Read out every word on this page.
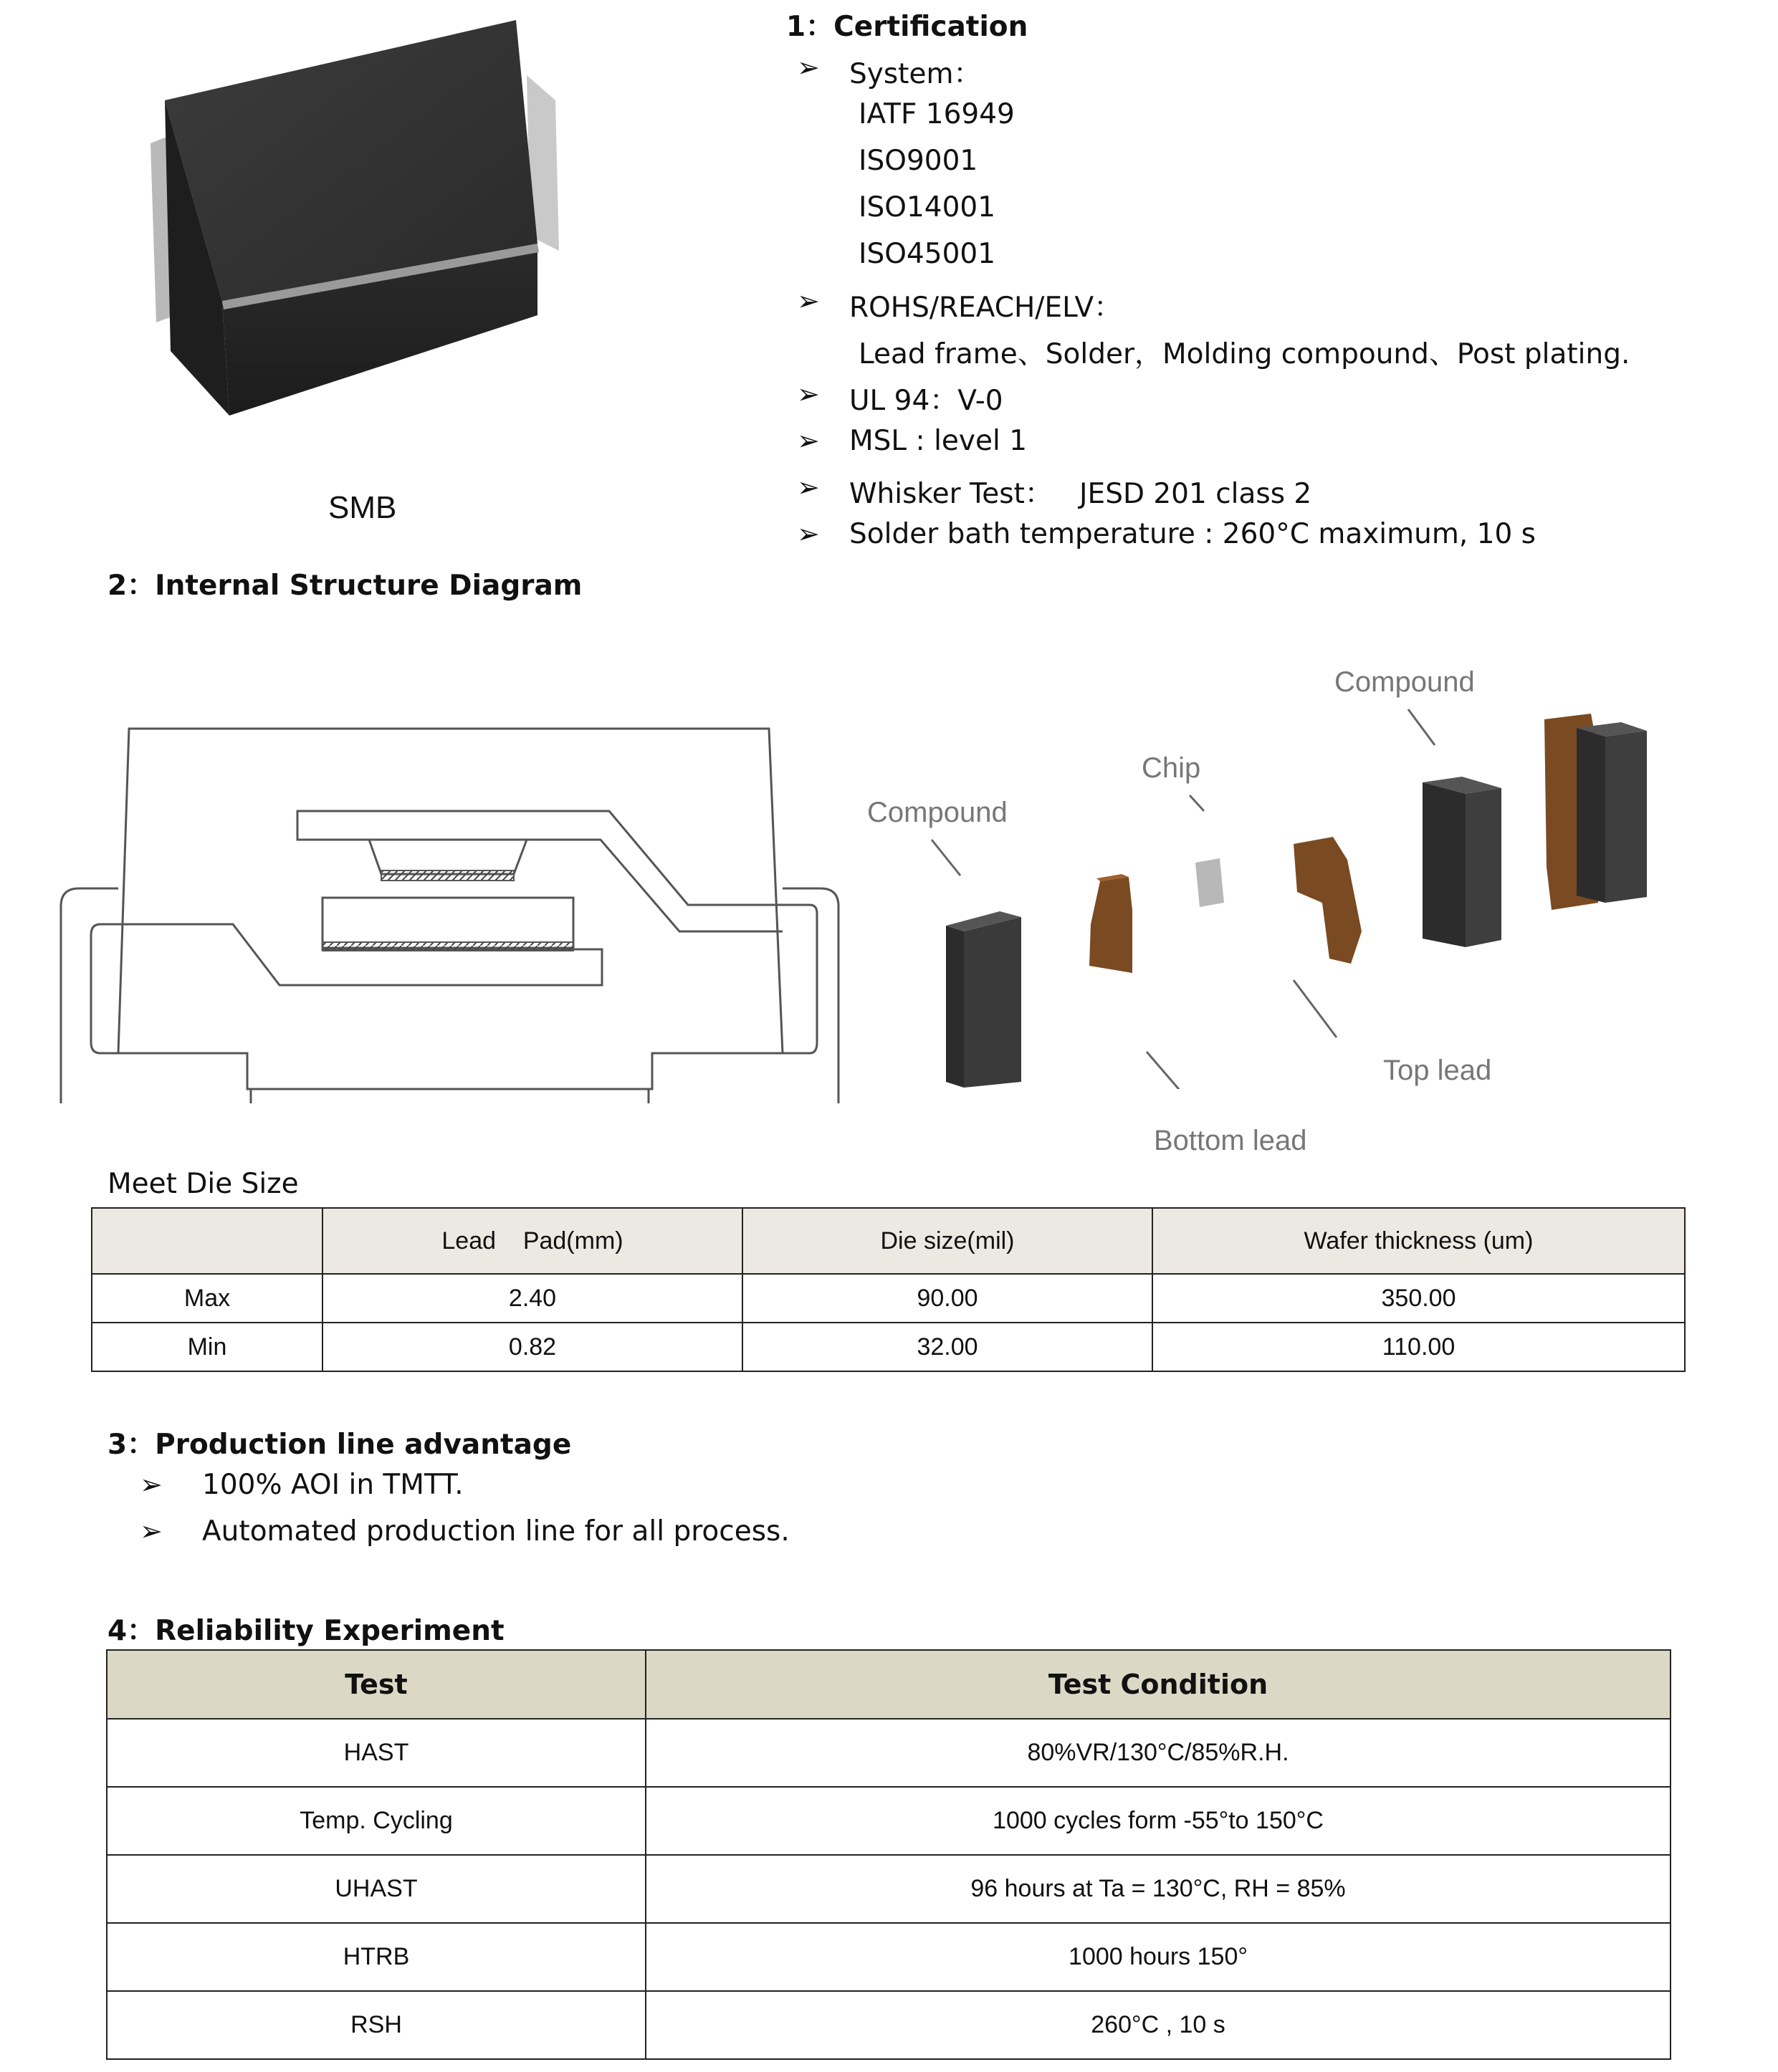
SMB
1：Certification
➢ System：
IATF 16949
ISO9001
ISO14001
ISO45001
➢ ROHS/REACH/ELV：
Lead frame、Solder，Molding compound、Post plating.
➢ UL 94：V-0
➢ MSL : level 1
➢ Whisker Test：   JESD 201 class 2
➢ Solder bath temperature : 260°C maximum, 10 s
2：Internal Structure Diagram
Compound
Chip
Compound
Top lead
Bottom lead
Meet Die Size
	Lead    Pad(mm)	Die size(mil)	Wafer thickness (um)
Max	2.40	90.00	350.00
Min	0.82	32.00	110.00
3：Production line advantage
➢ 100% AOI in TMTT.
➢ Automated production line for all process.
4：Reliability Experiment
Test	Test Condition
HAST	80%VR/130°C/85%R.H.
Temp. Cycling	1000 cycles form -55°to 150°C
UHAST	96 hours at Ta = 130°C, RH = 85%
HTRB	1000 hours 150°
RSH	260°C , 10 s
